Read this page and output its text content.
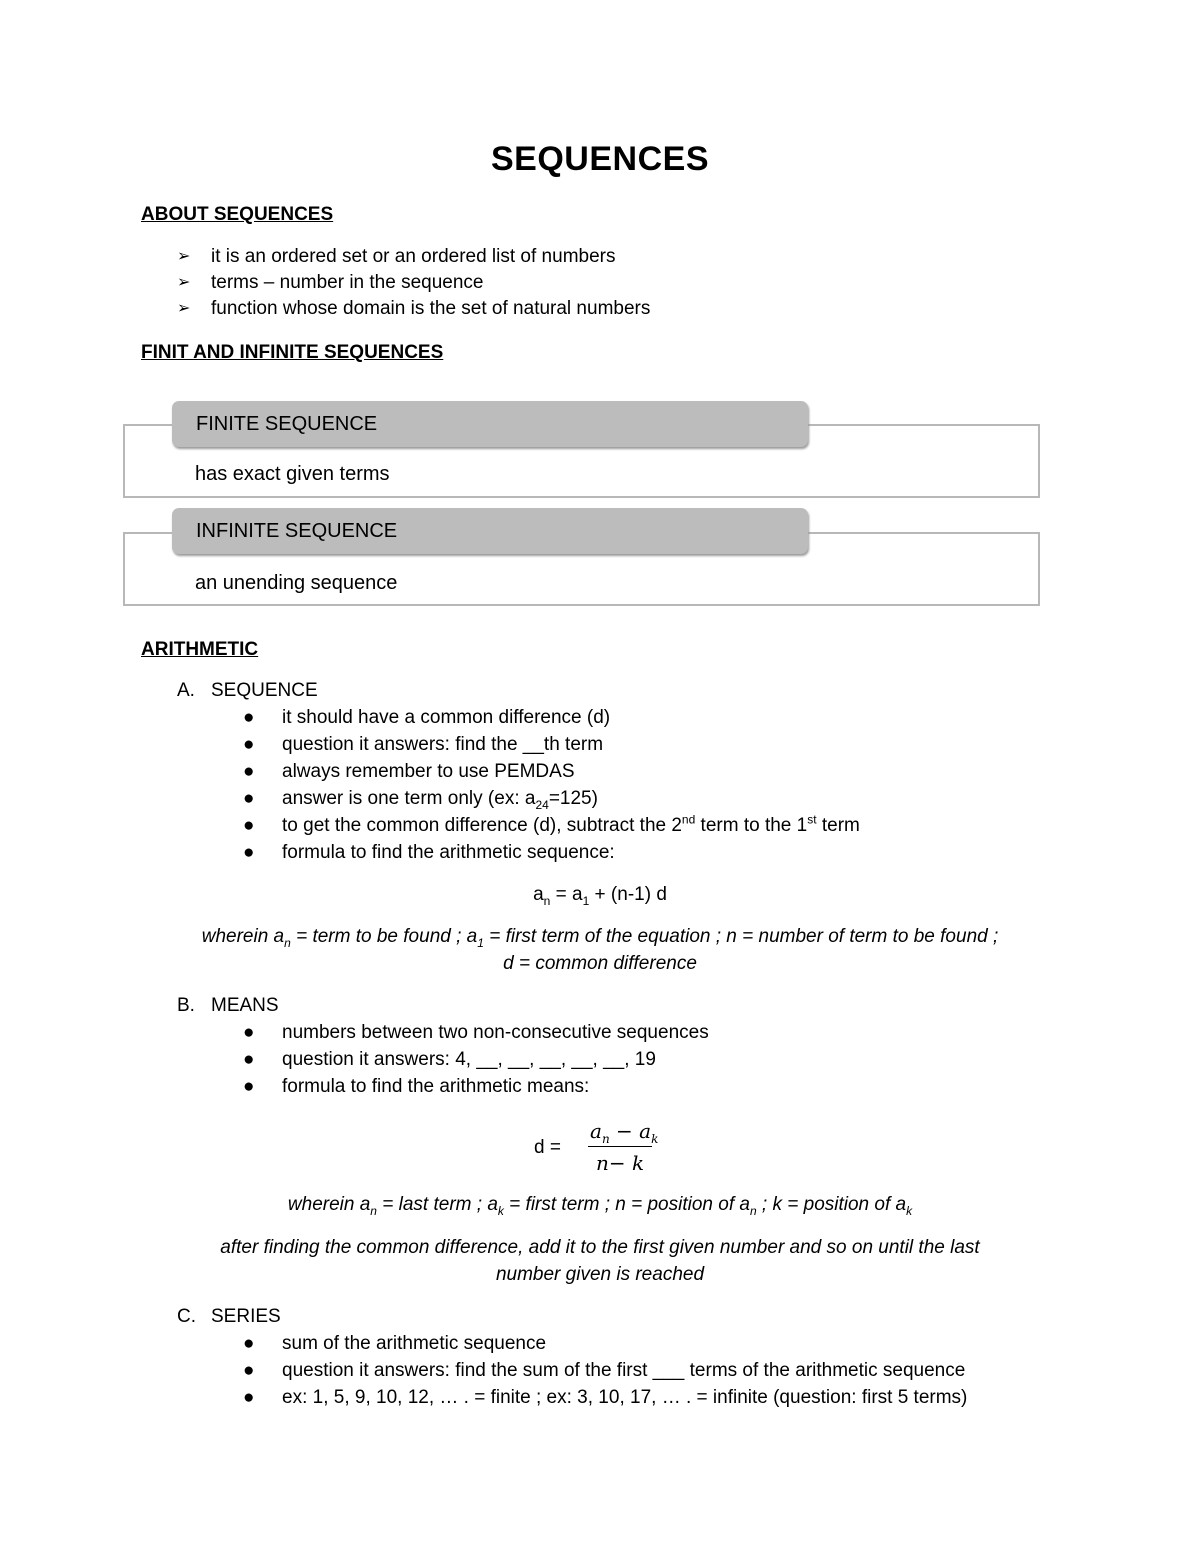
SEQUENCES
ABOUT SEQUENCES
➢ it is an ordered set or an ordered list of numbers
➢ terms – number in the sequence
➢ function whose domain is the set of natural numbers
FINIT AND INFINITE SEQUENCES
FINITE SEQUENCE
has exact given terms
INFINITE SEQUENCE
an unending sequence
ARITHMETIC
A. SEQUENCE
● it should have a common difference (d)
● question it answers: find the __th term
● always remember to use PEMDAS
● answer is one term only (ex: $a_{24}=125$)
● to get the common difference (d), subtract the 2nd term to the 1st term
● formula to find the arithmetic sequence:
$a_n = a_1 + (n-1)$ d
wherein $a_n$ = term to be found ; $a_1$ = first term of the equation ; n = number of term to be found ;
d = common difference
B. MEANS
● numbers between two non-consecutive sequences
● question it answers: 4, __, __, __, __, __, 19
● formula to find the arithmetic means:
d =
$a_n - a_k$
n− k
wherein $a_n$ = last term ; $a_k$ = first term ; n = position of $a_n$ ; k = position of $a_k$
after finding the common difference, add it to the first given number and so on until the last
number given is reached
C. SERIES
● sum of the arithmetic sequence
● question it answers: find the sum of the first ___ terms of the arithmetic sequence
● ex: 1, 5, 9, 10, 12, … . = finite ; ex: 3, 10, 17, … . = infinite (question: first 5 terms)
